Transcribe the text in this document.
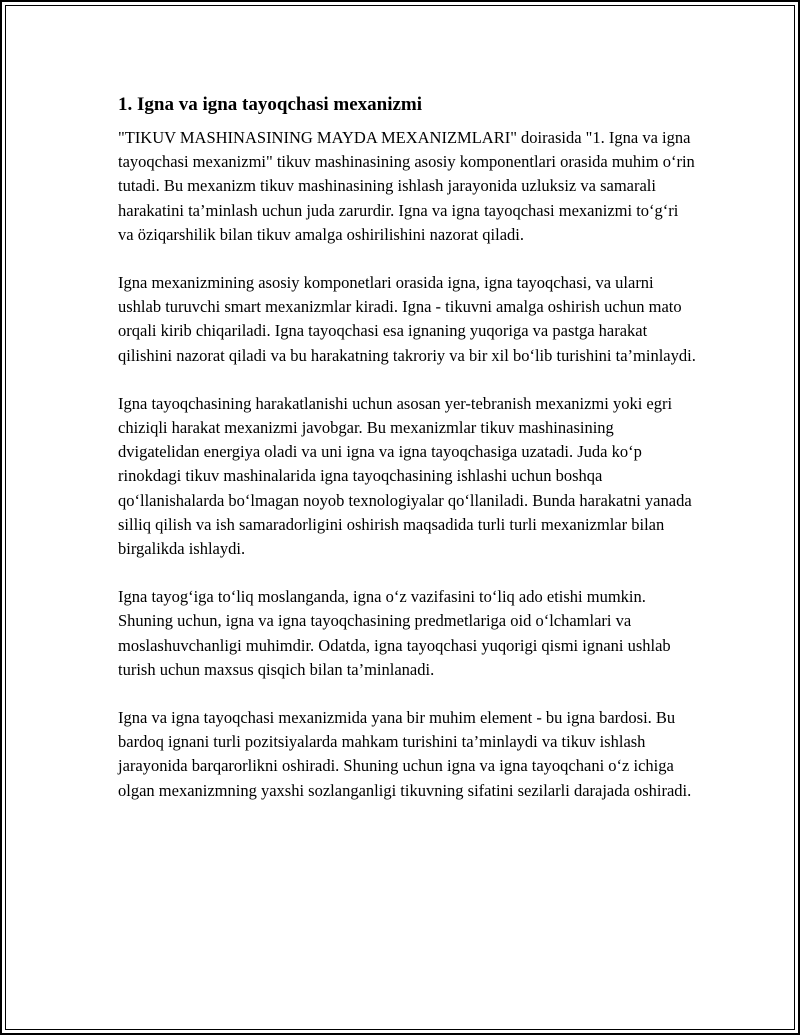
1. Igna va igna tayoqchasi mexanizmi

"TIKUV MASHINASINING MAYDA MEXANIZMLARI" doirasida "1. Igna va igna tayoqchasi mexanizmi" tikuv mashinasining asosiy komponentlari orasida muhim oʻrin tutadi. Bu mexanizm tikuv mashinasining ishlash jarayonida uzluksiz va samarali harakatini ta’minlash uchun juda zarurdir. Igna va igna tayoqchasi mexanizmi toʻgʻri va öziqarshilik bilan tikuv amalga oshirilishini nazorat qiladi.

Igna mexanizmining asosiy komponetlari orasida igna, igna tayoqchasi, va ularni ushlab turuvchi smart mexanizmlar kiradi. Igna - tikuvni amalga oshirish uchun mato orqali kirib chiqariladi. Igna tayoqchasi esa ignaning yuqoriga va pastga harakat qilishini nazorat qiladi va bu harakatning takroriy va bir xil boʻlib turishini ta’minlaydi.

Igna tayoqchasining harakatlanishi uchun asosan yer-tebranish mexanizmi yoki egri chiziqli harakat mexanizmi javobgar. Bu mexanizmlar tikuv mashinasining dvigatelidan energiya oladi va uni igna va igna tayoqchasiga uzatadi. Juda koʻp rinokdagi tikuv mashinalarida igna tayoqchasining ishlashi uchun boshqa qoʻllanishalarda boʻlmagan noyob texnologiyalar qoʻllaniladi. Bunda harakatni yanada silliq qilish va ish samaradorligini oshirish maqsadida turli turli mexanizmlar bilan birgalikda ishlaydi.

Igna tayogʻiga toʻliq moslanganda, igna oʻz vazifasini toʻliq ado etishi mumkin. Shuning uchun, igna va igna tayoqchasining predmetlariga oid oʻlchamlari va moslashuvchanligi muhimdir. Odatda, igna tayoqchasi yuqorigi qismi ignani ushlab turish uchun maxsus qisqich bilan ta’minlanadi.

Igna va igna tayoqchasi mexanizmida yana bir muhim element - bu igna bardosi. Bu bardoq ignani turli pozitsiyalarda mahkam turishini ta’minlaydi va tikuv ishlash jarayonida barqarorlikni oshiradi. Shuning uchun igna va igna tayoqchani oʻz ichiga olgan mexanizmning yaxshi sozlanganligi tikuvning sifatini sezilarli darajada oshiradi.
